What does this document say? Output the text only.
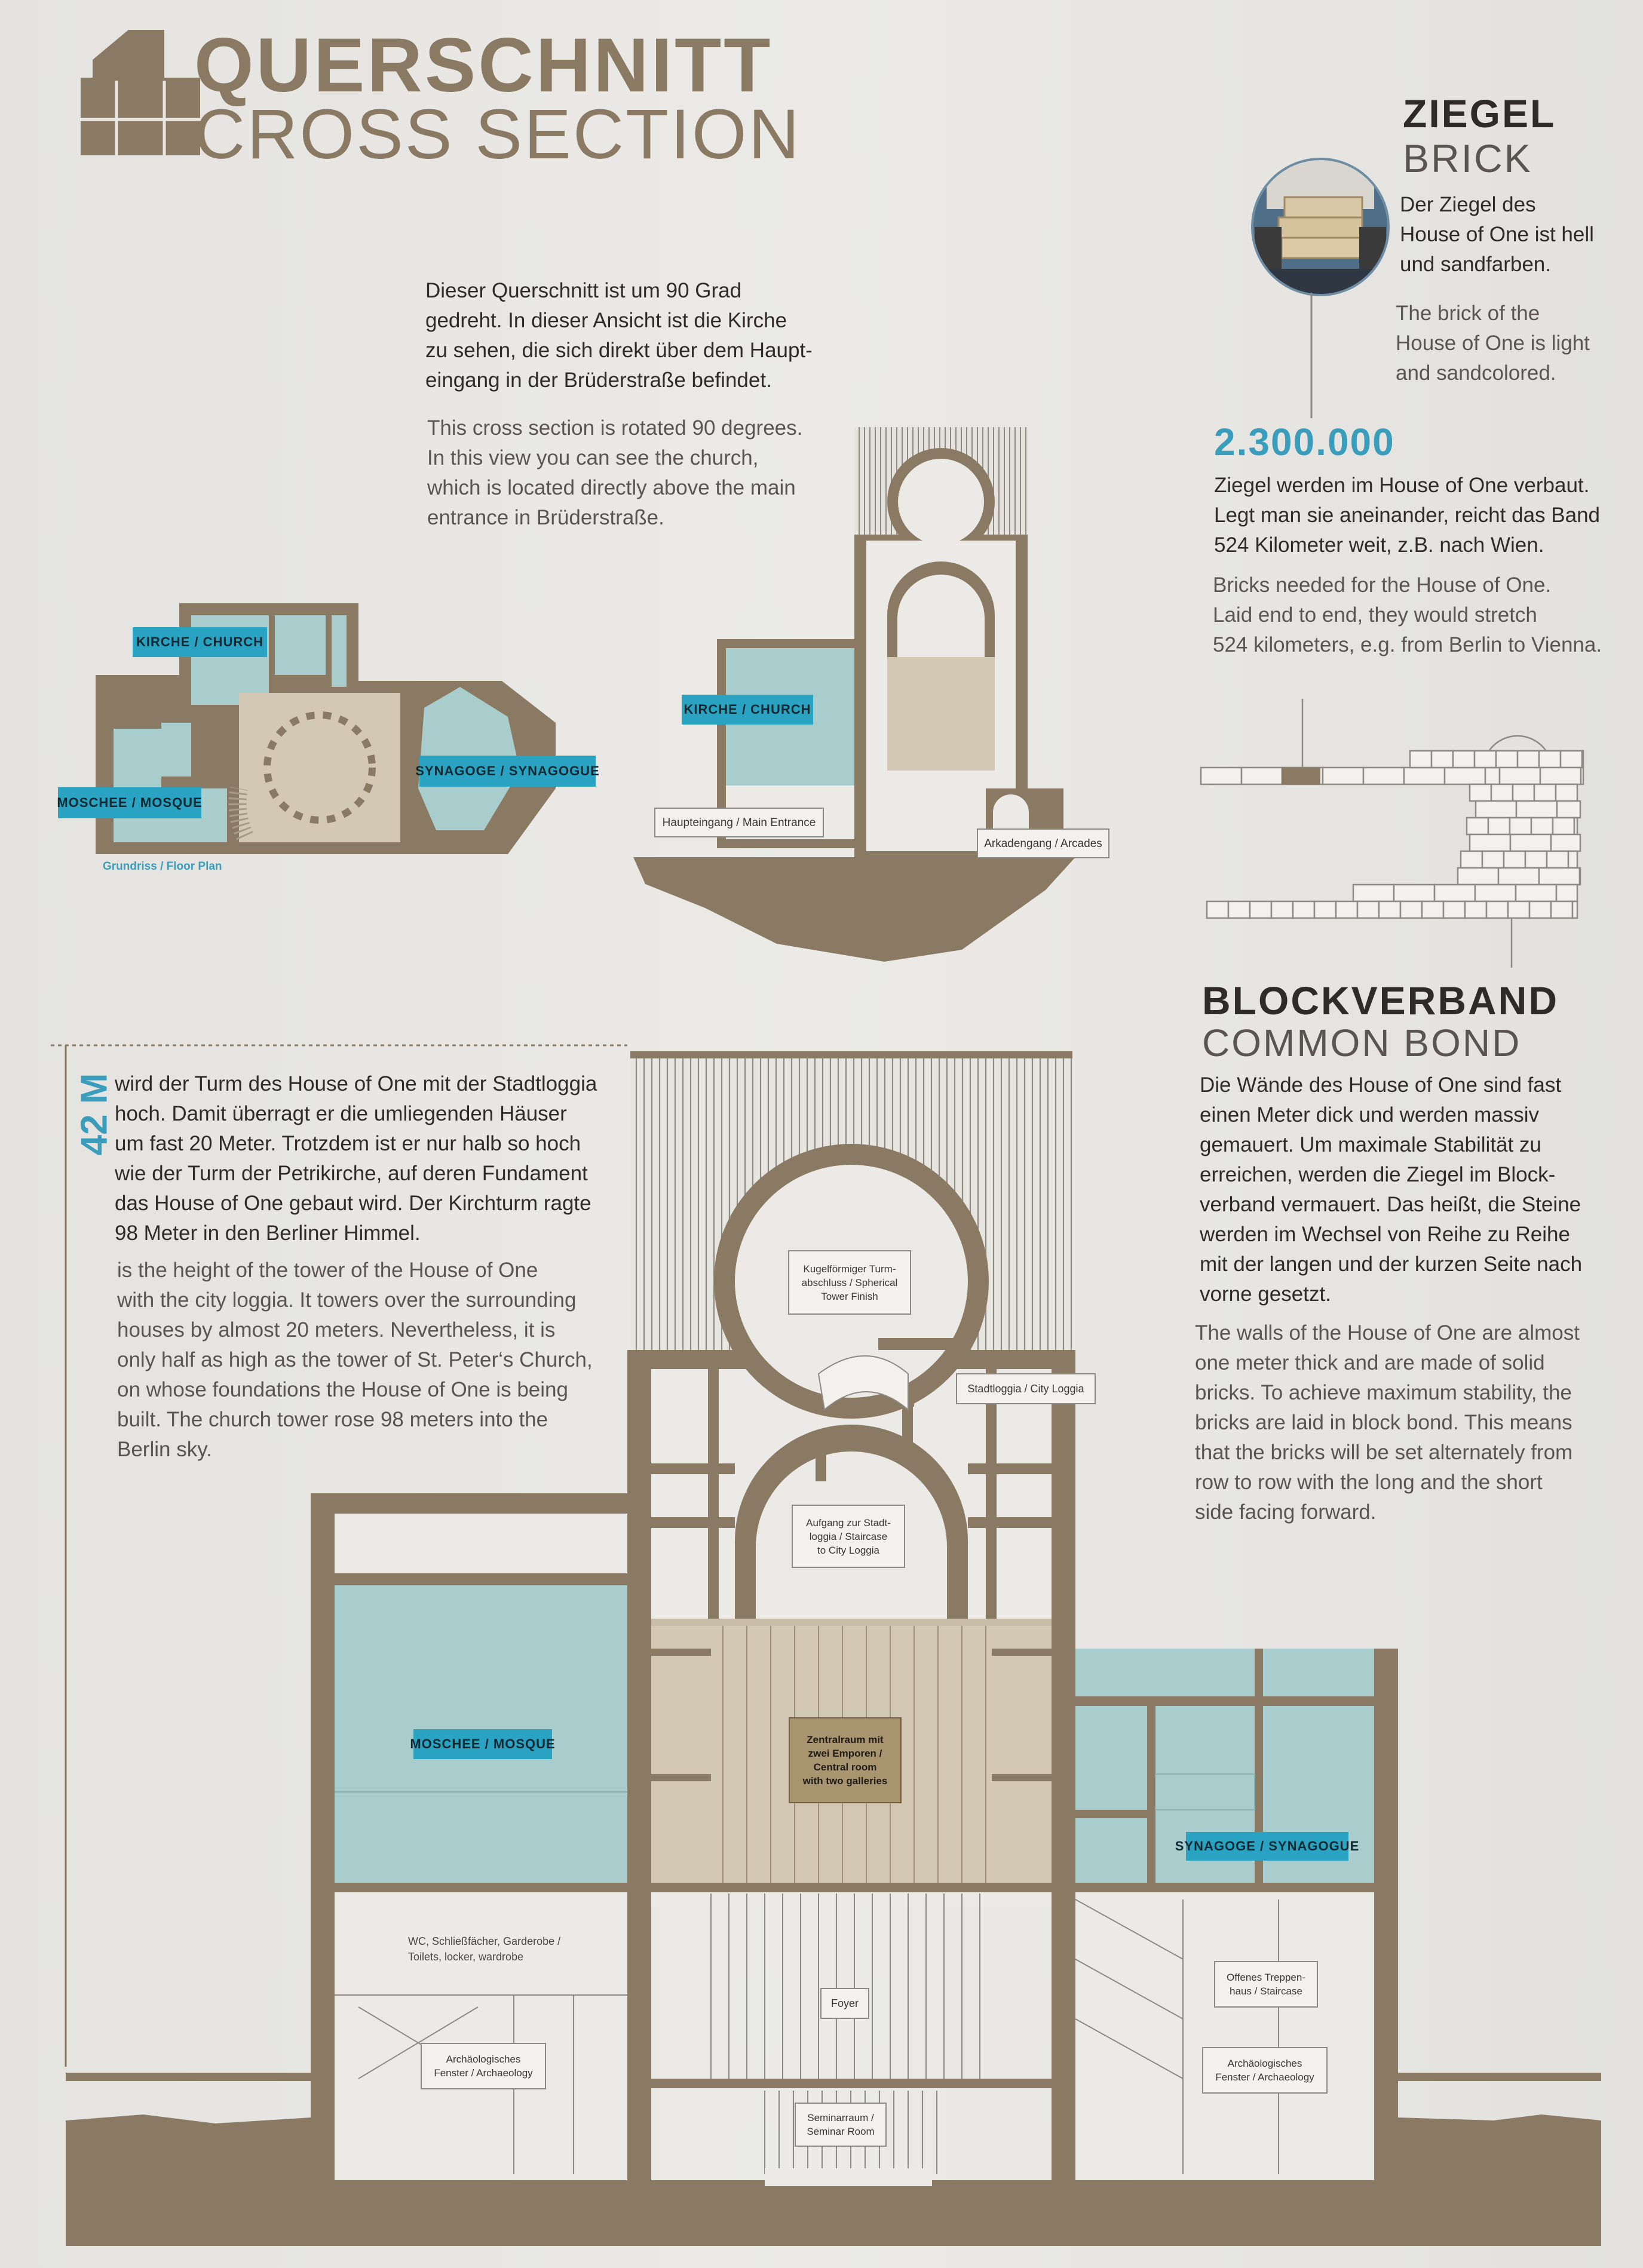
QUERSCHNITT
CROSS SECTION
Dieser Querschnitt ist um 90 Grad
gedreht. In dieser Ansicht ist die Kirche
zu sehen, die sich direkt über dem Haupt-
eingang in der Brüderstraße befindet.
This cross section is rotated 90 degrees.
In this view you can see the church,
which is located directly above the main
entrance in Brüderstraße.
ZIEGEL
BRICK
Der Ziegel des
House of One ist hell
und sandfarben.
The brick of the
House of One is light
and sandcolored.
2.300.000
Ziegel werden im House of One verbaut.
Legt man sie aneinander, reicht das Band
524 Kilometer weit, z.B. nach Wien.
Bricks needed for the House of One.
Laid end to end, they would stretch
524 kilometers, e.g. from Berlin to Vienna.
BLOCKVERBAND
COMMON BOND
Die Wände des House of One sind fast
einen Meter dick und werden massiv
gemauert. Um maximale Stabilität zu
erreichen, werden die Ziegel im Block-
verband vermauert. Das heißt, die Steine
werden im Wechsel von Reihe zu Reihe
mit der langen und der kurzen Seite nach
vorne gesetzt.
The walls of the House of One are almost
one meter thick and are made of solid
bricks. To achieve maximum stability, the
bricks are laid in block bond. This means
that the bricks will be set alternately from
row to row with the long and the short
side facing forward.
KIRCHE / CHURCH
SYNAGOGE / SYNAGOGUE
MOSCHEE / MOSQUE
Grundriss / Floor Plan
KIRCHE / CHURCH
Haupteingang / Main Entrance
Arkadengang / Arcades
42 M wird der Turm des House of One mit der Stadtloggia
hoch. Damit überragt er die umliegenden Häuser
um fast 20 Meter. Trotzdem ist er nur halb so hoch
wie der Turm der Petrikirche, auf deren Fundament
das House of One gebaut wird. Der Kirchturm ragte
98 Meter in den Berliner Himmel.
is the height of the tower of the House of One
with the city loggia. It towers over the surrounding
houses by almost 20 meters. Nevertheless, it is
only half as high as the tower of St. Peter‘s Church,
on whose foundations the House of One is being
built. The church tower rose 98 meters into the
Berlin sky.
Kugelförmiger Turm-
abschluss / Spherical
Tower Finish
Stadtloggia / City Loggia
Aufgang zur Stadt-
loggia / Staircase
to City Loggia
Zentralraum mit
zwei Emporen /
Central room
with two galleries
MOSCHEE / MOSQUE
SYNAGOGE / SYNAGOGUE
WC, Schließfächer, Garderobe /
Toilets, locker, wardrobe
Foyer
Offenes Treppen-
haus / Staircase
Archäologisches
Fenster / Archaeology
Archäologisches
Fenster / Archaeology
Seminarraum /
Seminar Room
